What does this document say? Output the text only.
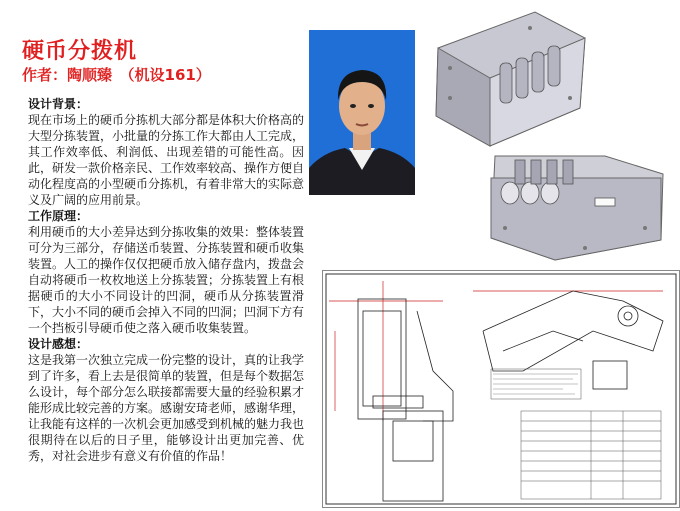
硬币分拨机
作者：陶顺臻　（机设161）
设计背景：

现在市场上的硬币分拣机大部分都是体积大价格高的大型分拣装置，小批量的分拣工作大都由人工完成，其工作效率低、利润低、出现差错的可能性高。因此，研发一款价格亲民、工作效率较高、操作方便自动化程度高的小型硬币分拣机，有着非常大的实际意义及广阔的应用前景。

工作原理：

利用硬币的大小差异达到分拣收集的效果：整体装置可分为三部分，存储送币装置、分拣装置和硬币收集装置。人工的操作仅仅把硬币放入储存盘内，拨盘会自动将硬币一枚枚地送上分拣装置；分拣装置上有根据硬币的大小不同设计的凹洞，硬币从分拣装置滑下，大小不同的硬币会掉入不同的凹洞；凹洞下方有一个挡板引导硬币使之落入硬币收集装置。

设计感想：

这是我第一次独立完成一份完整的设计，真的让我学到了许多，看上去是很简单的装置，但是每个数据怎么设计，每个部分怎么联接都需要大量的经验积累才能形成比较完善的方案。感谢安琦老师，感谢华理，让我能有这样的一次机会更加感受到机械的魅力我也很期待在以后的日子里，能够设计出更加完善、优秀，对社会进步有意义有价值的作品！
